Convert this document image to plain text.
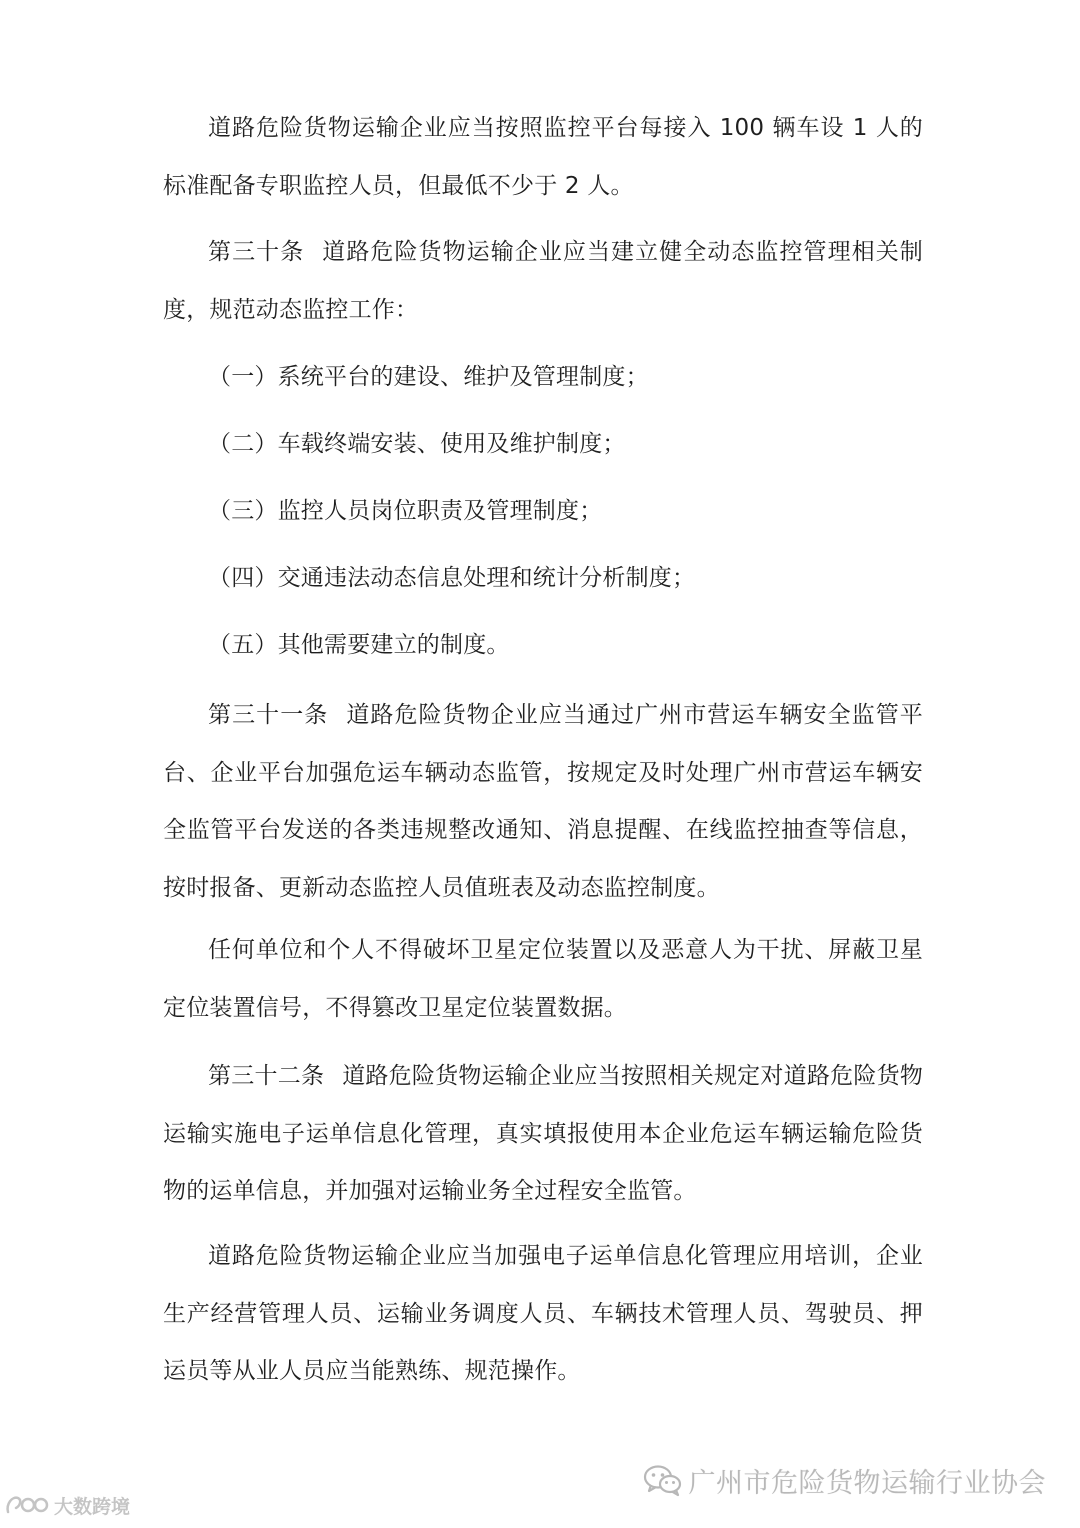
道路危险货物运输企业应当按照监控平台每接入 100 辆车设 1 人的标准配备专职监控人员，但最低不少于 2 人。

第三十条 道路危险货物运输企业应当建立健全动态监控管理相关制度，规范动态监控工作：

（一）系统平台的建设、维护及管理制度；

（二）车载终端安装、使用及维护制度；

（三）监控人员岗位职责及管理制度；

（四）交通违法动态信息处理和统计分析制度；

（五）其他需要建立的制度。

第三十一条 道路危险货物企业应当通过广州市营运车辆安全监管平台、企业平台加强危运车辆动态监管，按规定及时处理广州市营运车辆安全监管平台发送的各类违规整改通知、消息提醒、在线监控抽查等信息，按时报备、更新动态监控人员值班表及动态监控制度。

任何单位和个人不得破坏卫星定位装置以及恶意人为干扰、屏蔽卫星定位装置信号，不得篡改卫星定位装置数据。

第三十二条 道路危险货物运输企业应当按照相关规定对道路危险货物运输实施电子运单信息化管理，真实填报使用本企业危运车辆运输危险货物的运单信息，并加强对运输业务全过程安全监管。

道路危险货物运输企业应当加强电子运单信息化管理应用培训，企业生产经营管理人员、运输业务调度人员、车辆技术管理人员、驾驶员、押运员等从业人员应当能熟练、规范操作。

广州市危险货物运输行业协会
大数跨境
